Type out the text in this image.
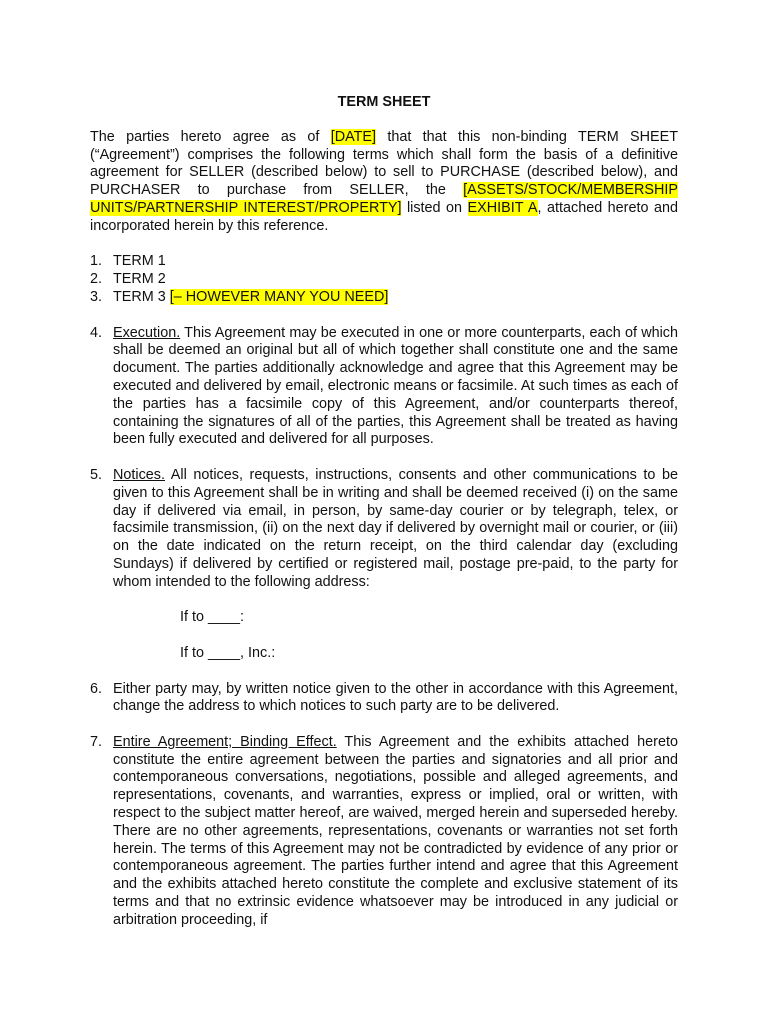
TERM SHEET

The parties hereto agree as of [DATE] that that this non-binding TERM SHEET (“Agreement”) comprises the following terms which shall form the basis of a definitive agreement for SELLER (described below) to sell to PURCHASE (described below), and PURCHASER to purchase from SELLER, the [ASSETS/STOCK/MEMBERSHIP UNITS/PARTNERSHIP INTEREST/PROPERTY] listed on EXHIBIT A, attached hereto and incorporated herein by this reference.

1. TERM 1
2. TERM 2
3. TERM 3 [– HOWEVER MANY YOU NEED]
4. Execution. This Agreement may be executed in one or more counterparts, each of which shall be deemed an original but all of which together shall constitute one and the same document. The parties additionally acknowledge and agree that this Agreement may be executed and delivered by email, electronic means or facsimile. At such times as each of the parties has a facsimile copy of this Agreement, and/or counterparts thereof, containing the signatures of all of the parties, this Agreement shall be treated as having been fully executed and delivered for all purposes.
5. Notices. All notices, requests, instructions, consents and other communications to be given to this Agreement shall be in writing and shall be deemed received (i) on the same day if delivered via email, in person, by same-day courier or by telegraph, telex, or facsimile transmission, (ii) on the next day if delivered by overnight mail or courier, or (iii) on the date indicated on the return receipt, on the third calendar day (excluding Sundays) if delivered by certified or registered mail, postage pre-paid, to the party for whom intended to the following address:
If to ____:
If to ____, Inc.:
6. Either party may, by written notice given to the other in accordance with this Agreement, change the address to which notices to such party are to be delivered.
7. Entire Agreement; Binding Effect. This Agreement and the exhibits attached hereto constitute the entire agreement between the parties and signatories and all prior and contemporaneous conversations, negotiations, possible and alleged agreements, and representations, covenants, and warranties, express or implied, oral or written, with respect to the subject matter hereof, are waived, merged herein and superseded hereby. There are no other agreements, representations, covenants or warranties not set forth herein. The terms of this Agreement may not be contradicted by evidence of any prior or contemporaneous agreement. The parties further intend and agree that this Agreement and the exhibits attached hereto constitute the complete and exclusive statement of its terms and that no extrinsic evidence whatsoever may be introduced in any judicial or arbitration proceeding, if
